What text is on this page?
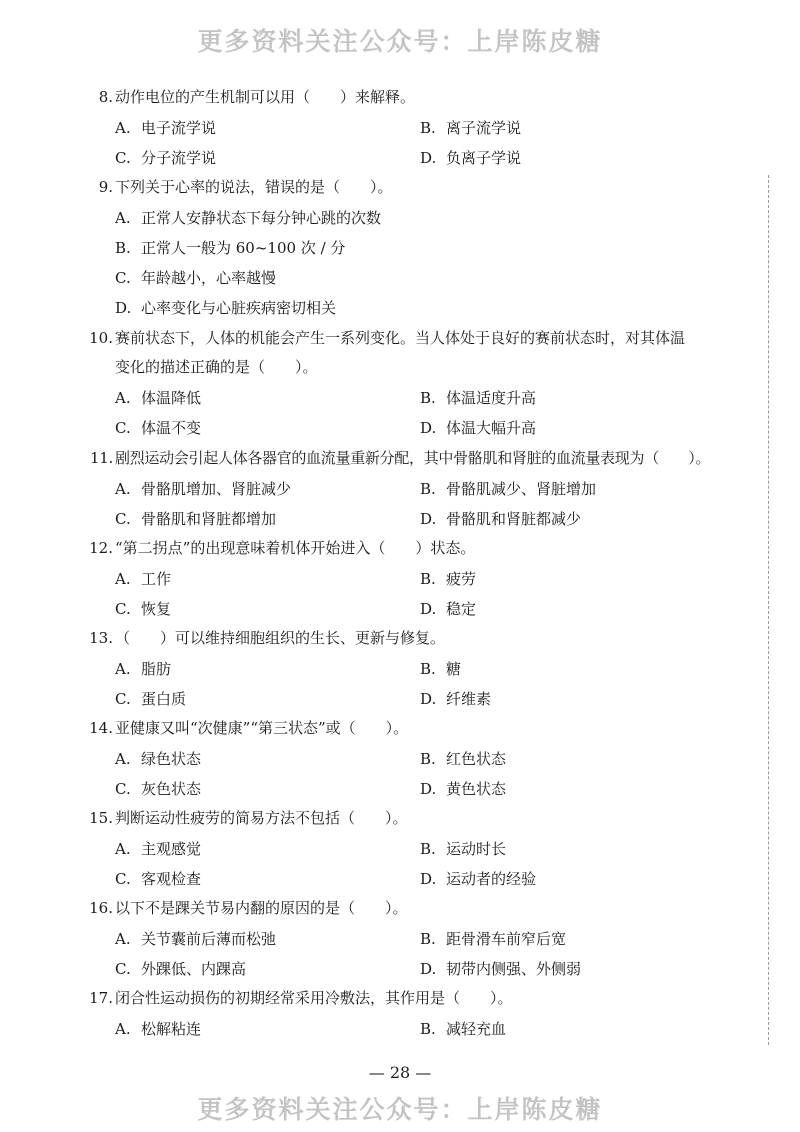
更多资料关注公众号：上岸陈皮糖
8. 动作电位的产生机制可以用（　　）来解释。
A. 电子流学说	B. 离子流学说
C. 分子流学说	D. 负离子学说
9. 下列关于心率的说法，错误的是（　　）。
A. 正常人安静状态下每分钟心跳的次数
B. 正常人一般为 60~100 次 / 分
C. 年龄越小，心率越慢
D. 心率变化与心脏疾病密切相关
10. 赛前状态下，人体的机能会产生一系列变化。当人体处于良好的赛前状态时，对其体温
变化的描述正确的是（　　）。
A. 体温降低	B. 体温适度升高
C. 体温不变	D. 体温大幅升高
11. 剧烈运动会引起人体各器官的血流量重新分配，其中骨骼肌和肾脏的血流量表现为（　　）。
A. 骨骼肌增加、肾脏减少	B. 骨骼肌减少、肾脏增加
C. 骨骼肌和肾脏都增加	D. 骨骼肌和肾脏都减少
12. “第二拐点”的出现意味着机体开始进入（　　）状态。
A. 工作	B. 疲劳
C. 恢复	D. 稳定
13. （　　）可以维持细胞组织的生长、更新与修复。
A. 脂肪	B. 糖
C. 蛋白质	D. 纤维素
14. 亚健康又叫“次健康”“第三状态”或（　　）。
A. 绿色状态	B. 红色状态
C. 灰色状态	D. 黄色状态
15. 判断运动性疲劳的简易方法不包括（　　）。
A. 主观感觉	B. 运动时长
C. 客观检查	D. 运动者的经验
16. 以下不是踝关节易内翻的原因的是（　　）。
A. 关节囊前后薄而松弛	B. 距骨滑车前窄后宽
C. 外踝低、内踝高	D. 韧带内侧强、外侧弱
17. 闭合性运动损伤的初期经常采用冷敷法，其作用是（　　）。
A. 松解粘连	B. 减轻充血
— 28 —
更多资料关注公众号：上岸陈皮糖
